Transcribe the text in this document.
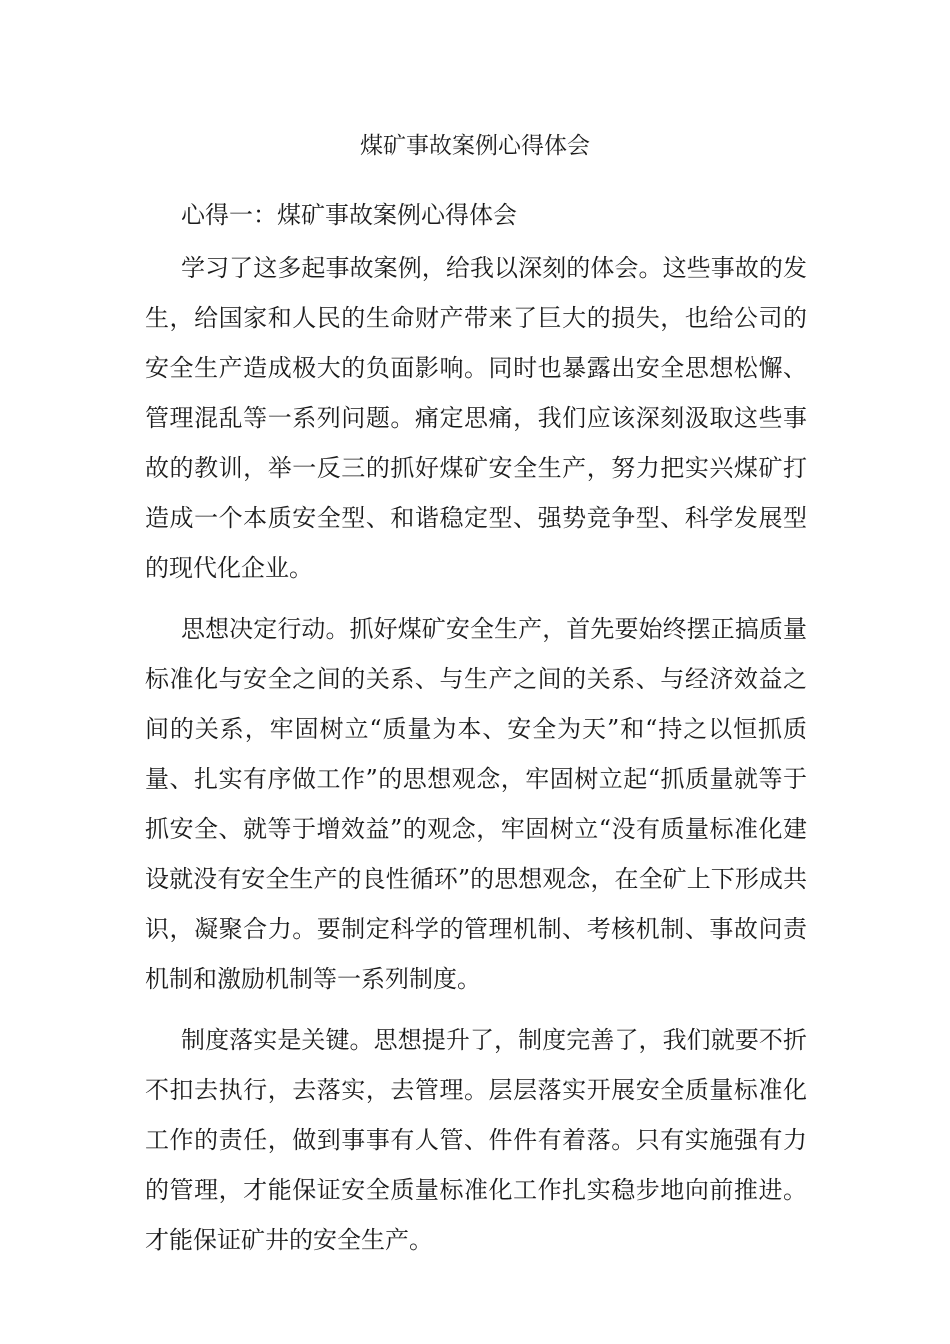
煤矿事故案例心得体会

心得一：煤矿事故案例心得体会

学习了这多起事故案例，给我以深刻的体会。这些事故的发生，给国家和人民的生命财产带来了巨大的损失，也给公司的安全生产造成极大的负面影响。同时也暴露出安全思想松懈、管理混乱等一系列问题。痛定思痛，我们应该深刻汲取这些事故的教训，举一反三的抓好煤矿安全生产，努力把实兴煤矿打造成一个本质安全型、和谐稳定型、强势竞争型、科学发展型的现代化企业。

思想决定行动。抓好煤矿安全生产，首先要始终摆正搞质量标准化与安全之间的关系、与生产之间的关系、与经济效益之间的关系，牢固树立“质量为本、安全为天”和“持之以恒抓质量、扎实有序做工作”的思想观念，牢固树立起“抓质量就等于抓安全、就等于增效益”的观念，牢固树立“没有质量标准化建设就没有安全生产的良性循环”的思想观念，在全矿上下形成共识，凝聚合力。要制定科学的管理机制、考核机制、事故问责机制和激励机制等一系列制度。

制度落实是关键。思想提升了，制度完善了，我们就要不折不扣去执行，去落实，去管理。层层落实开展安全质量标准化工作的责任，做到事事有人管、件件有着落。只有实施强有力的管理，才能保证安全质量标准化工作扎实稳步地向前推进。才能保证矿井的安全生产。
